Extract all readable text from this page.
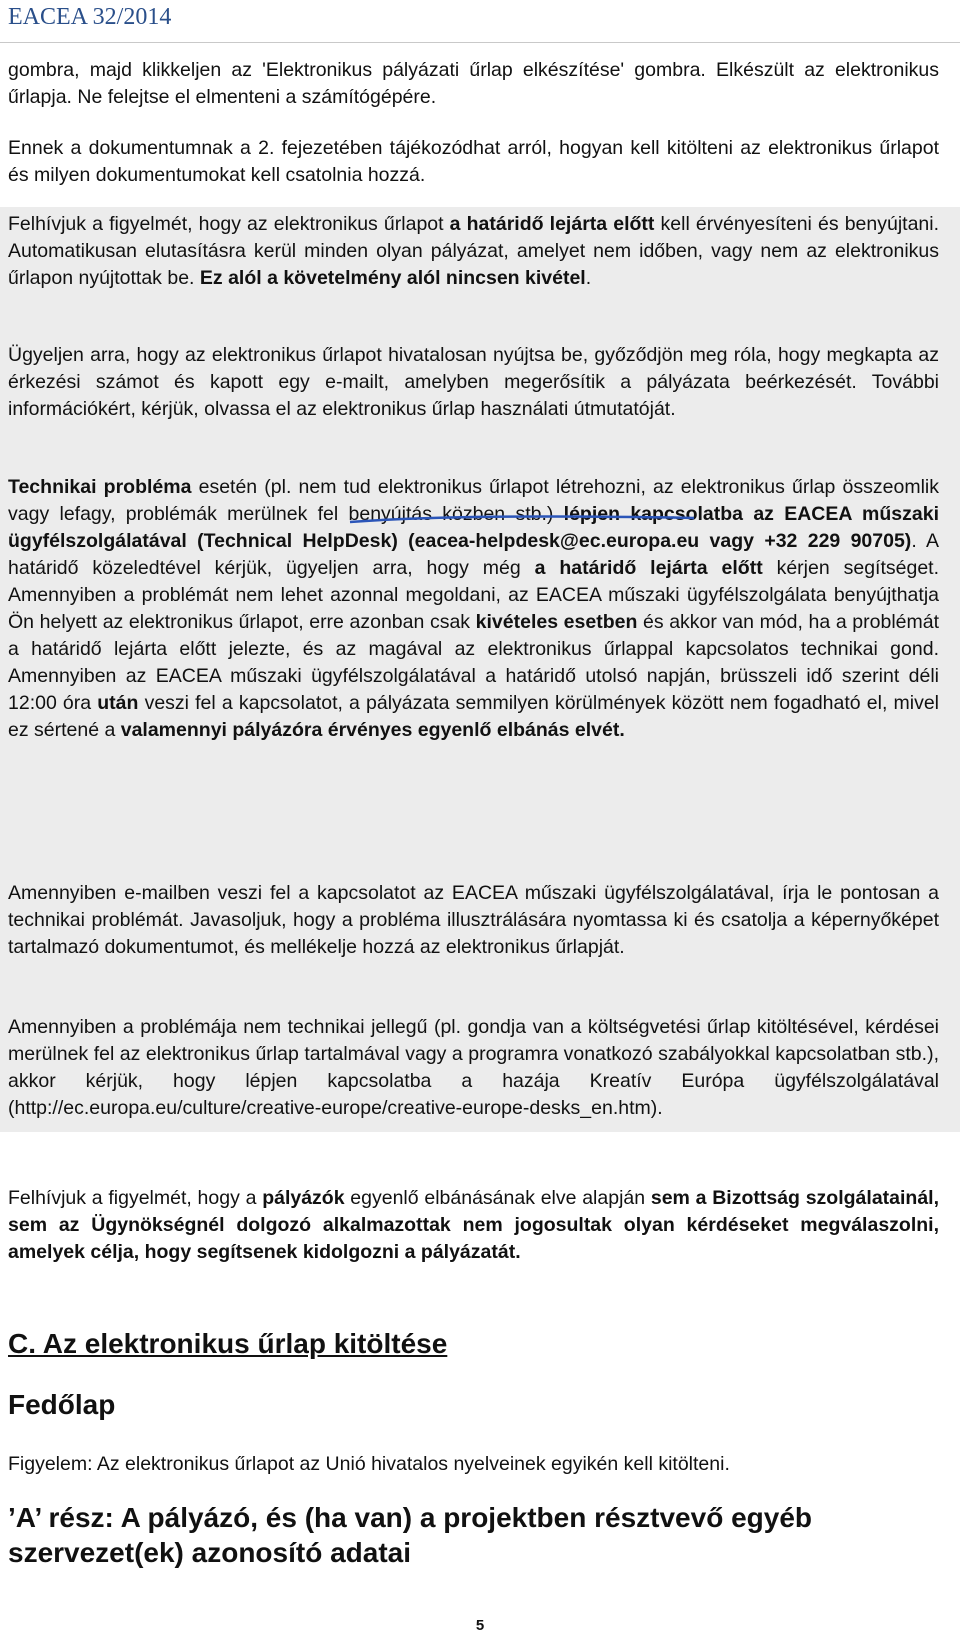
EACEA 32/2014

gombra, majd klikkeljen az 'Elektronikus pályázati űrlap elkészítése' gombra. Elkészült az elektronikus űrlapja. Ne felejtse el elmenteni a számítógépére.

Ennek a dokumentumnak a 2. fejezetében tájékozódhat arról, hogyan kell kitölteni az elektronikus űrlapot és milyen dokumentumokat kell csatolnia hozzá.

Felhívjuk a figyelmét, hogy az elektronikus űrlapot a határidő lejárta előtt kell érvényesíteni és benyújtani. Automatikusan elutasításra kerül minden olyan pályázat, amelyet nem időben, vagy nem az elektronikus űrlapon nyújtottak be. Ez alól a követelmény alól nincsen kivétel.

Ügyeljen arra, hogy az elektronikus űrlapot hivatalosan nyújtsa be, győződjön meg róla, hogy megkapta az érkezési számot és kapott egy e-mailt, amelyben megerősítik a pályázata beérkezését. További információkért, kérjük, olvassa el az elektronikus űrlap használati útmutatóját.

Technikai probléma esetén (pl. nem tud elektronikus űrlapot létrehozni, az elektronikus űrlap összeomlik vagy lefagy, problémák merülnek fel benyújtás közben stb.) lépjen kapcsolatba az EACEA műszaki ügyfélszolgálatával (Technical HelpDesk) (eacea-helpdesk@ec.europa.eu vagy +32 229 90705). A határidő közeledtével kérjük, ügyeljen arra, hogy még a határidő lejárta előtt kérjen segítséget. Amennyiben a problémát nem lehet azonnal megoldani, az EACEA műszaki ügyfélszolgálata benyújthatja Ön helyett az elektronikus űrlapot, erre azonban csak kivételes esetben és akkor van mód, ha a problémát a határidő lejárta előtt jelezte, és az magával az elektronikus űrlappal kapcsolatos technikai gond. Amennyiben az EACEA műszaki ügyfélszolgálatával a határidő utolsó napján, brüsszeli idő szerint déli 12:00 óra után veszi fel a kapcsolatot, a pályázata semmilyen körülmények között nem fogadható el, mivel ez sértené a valamennyi pályázóra érvényes egyenlő elbánás elvét.

Amennyiben e-mailben veszi fel a kapcsolatot az EACEA műszaki ügyfélszolgálatával, írja le pontosan a technikai problémát. Javasoljuk, hogy a probléma illusztrálására nyomtassa ki és csatolja a képernyőképet tartalmazó dokumentumot, és mellékelje hozzá az elektronikus űrlapját.

Amennyiben a problémája nem technikai jellegű (pl. gondja van a költségvetési űrlap kitöltésével, kérdései merülnek fel az elektronikus űrlap tartalmával vagy a programra vonatkozó szabályokkal kapcsolatban stb.), akkor kérjük, hogy lépjen kapcsolatba a hazája Kreatív Európa ügyfélszolgálatával (http://ec.europa.eu/culture/creative-europe/creative-europe-desks_en.htm).

Felhívjuk a figyelmét, hogy a pályázók egyenlő elbánásának elve alapján sem a Bizottság szolgálatainál, sem az Ügynökségnél dolgozó alkalmazottak nem jogosultak olyan kérdéseket megválaszolni, amelyek célja, hogy segítsenek kidolgozni a pályázatát.

C. Az elektronikus űrlap kitöltése
Fedőlap

Figyelem: Az elektronikus űrlapot az Unió hivatalos nyelveinek egyikén kell kitölteni.

’A’ rész: A pályázó, és (ha van) a projektben résztvevő egyéb szervezet(ek) azonosító adatai
5
